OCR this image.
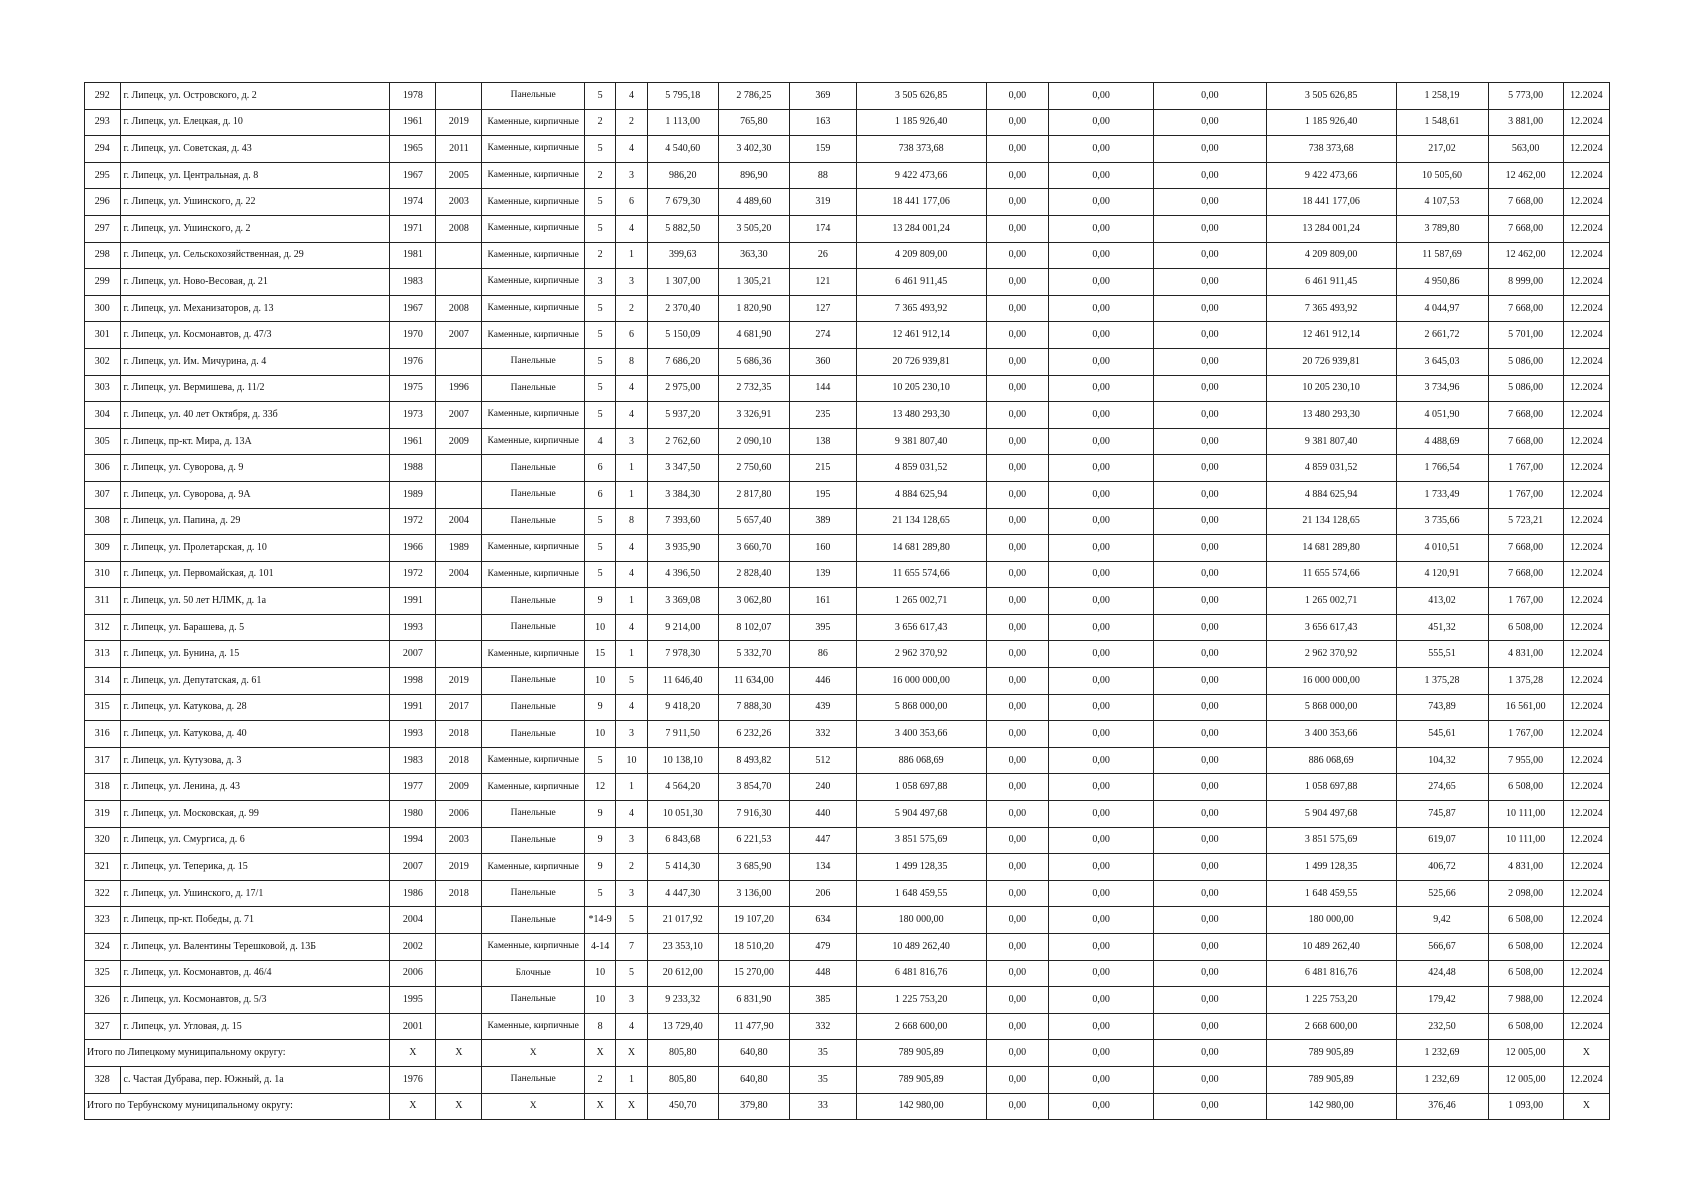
292	г. Липецк, ул. Островского, д. 2	1978		Панельные	5	4	5 795,18	2 786,25	369	3 505 626,85	0,00	0,00	0,00	3 505 626,85	1 258,19	5 773,00	12.2024
293	г. Липецк, ул. Елецкая, д. 10	1961	2019	Каменные, кирпичные	2	2	1 113,00	765,80	163	1 185 926,40	0,00	0,00	0,00	1 185 926,40	1 548,61	3 881,00	12.2024
294	г. Липецк, ул. Советская, д. 43	1965	2011	Каменные, кирпичные	5	4	4 540,60	3 402,30	159	738 373,68	0,00	0,00	0,00	738 373,68	217,02	563,00	12.2024
295	г. Липецк, ул. Центральная, д. 8	1967	2005	Каменные, кирпичные	2	3	986,20	896,90	88	9 422 473,66	0,00	0,00	0,00	9 422 473,66	10 505,60	12 462,00	12.2024
296	г. Липецк, ул. Ушинского, д. 22	1974	2003	Каменные, кирпичные	5	6	7 679,30	4 489,60	319	18 441 177,06	0,00	0,00	0,00	18 441 177,06	4 107,53	7 668,00	12.2024
297	г. Липецк, ул. Ушинского, д. 2	1971	2008	Каменные, кирпичные	5	4	5 882,50	3 505,20	174	13 284 001,24	0,00	0,00	0,00	13 284 001,24	3 789,80	7 668,00	12.2024
298	г. Липецк, ул. Сельскохозяйственная, д. 29	1981		Каменные, кирпичные	2	1	399,63	363,30	26	4 209 809,00	0,00	0,00	0,00	4 209 809,00	11 587,69	12 462,00	12.2024
299	г. Липецк, ул. Ново-Весовая, д. 21	1983		Каменные, кирпичные	3	3	1 307,00	1 305,21	121	6 461 911,45	0,00	0,00	0,00	6 461 911,45	4 950,86	8 999,00	12.2024
300	г. Липецк, ул. Механизаторов, д. 13	1967	2008	Каменные, кирпичные	5	2	2 370,40	1 820,90	127	7 365 493,92	0,00	0,00	0,00	7 365 493,92	4 044,97	7 668,00	12.2024
301	г. Липецк, ул. Космонавтов, д. 47/3	1970	2007	Каменные, кирпичные	5	6	5 150,09	4 681,90	274	12 461 912,14	0,00	0,00	0,00	12 461 912,14	2 661,72	5 701,00	12.2024
302	г. Липецк, ул. Им. Мичурина, д. 4	1976		Панельные	5	8	7 686,20	5 686,36	360	20 726 939,81	0,00	0,00	0,00	20 726 939,81	3 645,03	5 086,00	12.2024
303	г. Липецк, ул. Вермишева, д. 11/2	1975	1996	Панельные	5	4	2 975,00	2 732,35	144	10 205 230,10	0,00	0,00	0,00	10 205 230,10	3 734,96	5 086,00	12.2024
304	г. Липецк, ул. 40 лет Октября, д. 33б	1973	2007	Каменные, кирпичные	5	4	5 937,20	3 326,91	235	13 480 293,30	0,00	0,00	0,00	13 480 293,30	4 051,90	7 668,00	12.2024
305	г. Липецк, пр-кт. Мира, д. 13А	1961	2009	Каменные, кирпичные	4	3	2 762,60	2 090,10	138	9 381 807,40	0,00	0,00	0,00	9 381 807,40	4 488,69	7 668,00	12.2024
306	г. Липецк, ул. Суворова, д. 9	1988		Панельные	6	1	3 347,50	2 750,60	215	4 859 031,52	0,00	0,00	0,00	4 859 031,52	1 766,54	1 767,00	12.2024
307	г. Липецк, ул. Суворова, д. 9А	1989		Панельные	6	1	3 384,30	2 817,80	195	4 884 625,94	0,00	0,00	0,00	4 884 625,94	1 733,49	1 767,00	12.2024
308	г. Липецк, ул. Папина, д. 29	1972	2004	Панельные	5	8	7 393,60	5 657,40	389	21 134 128,65	0,00	0,00	0,00	21 134 128,65	3 735,66	5 723,21	12.2024
309	г. Липецк, ул. Пролетарская, д. 10	1966	1989	Каменные, кирпичные	5	4	3 935,90	3 660,70	160	14 681 289,80	0,00	0,00	0,00	14 681 289,80	4 010,51	7 668,00	12.2024
310	г. Липецк, ул. Первомайская, д. 101	1972	2004	Каменные, кирпичные	5	4	4 396,50	2 828,40	139	11 655 574,66	0,00	0,00	0,00	11 655 574,66	4 120,91	7 668,00	12.2024
311	г. Липецк, ул. 50 лет НЛМК, д. 1а	1991		Панельные	9	1	3 369,08	3 062,80	161	1 265 002,71	0,00	0,00	0,00	1 265 002,71	413,02	1 767,00	12.2024
312	г. Липецк, ул. Барашева, д. 5	1993		Панельные	10	4	9 214,00	8 102,07	395	3 656 617,43	0,00	0,00	0,00	3 656 617,43	451,32	6 508,00	12.2024
313	г. Липецк, ул. Бунина, д. 15	2007		Каменные, кирпичные	15	1	7 978,30	5 332,70	86	2 962 370,92	0,00	0,00	0,00	2 962 370,92	555,51	4 831,00	12.2024
314	г. Липецк, ул. Депутатская, д. 61	1998	2019	Панельные	10	5	11 646,40	11 634,00	446	16 000 000,00	0,00	0,00	0,00	16 000 000,00	1 375,28	1 375,28	12.2024
315	г. Липецк, ул. Катукова, д. 28	1991	2017	Панельные	9	4	9 418,20	7 888,30	439	5 868 000,00	0,00	0,00	0,00	5 868 000,00	743,89	16 561,00	12.2024
316	г. Липецк, ул. Катукова, д. 40	1993	2018	Панельные	10	3	7 911,50	6 232,26	332	3 400 353,66	0,00	0,00	0,00	3 400 353,66	545,61	1 767,00	12.2024
317	г. Липецк, ул. Кутузова, д. 3	1983	2018	Каменные, кирпичные	5	10	10 138,10	8 493,82	512	886 068,69	0,00	0,00	0,00	886 068,69	104,32	7 955,00	12.2024
318	г. Липецк, ул. Ленина, д. 43	1977	2009	Каменные, кирпичные	12	1	4 564,20	3 854,70	240	1 058 697,88	0,00	0,00	0,00	1 058 697,88	274,65	6 508,00	12.2024
319	г. Липецк, ул. Московская, д. 99	1980	2006	Панельные	9	4	10 051,30	7 916,30	440	5 904 497,68	0,00	0,00	0,00	5 904 497,68	745,87	10 111,00	12.2024
320	г. Липецк, ул. Смургиса, д. 6	1994	2003	Панельные	9	3	6 843,68	6 221,53	447	3 851 575,69	0,00	0,00	0,00	3 851 575,69	619,07	10 111,00	12.2024
321	г. Липецк, ул. Теперика, д. 15	2007	2019	Каменные, кирпичные	9	2	5 414,30	3 685,90	134	1 499 128,35	0,00	0,00	0,00	1 499 128,35	406,72	4 831,00	12.2024
322	г. Липецк, ул. Ушинского, д. 17/1	1986	2018	Панельные	5	3	4 447,30	3 136,00	206	1 648 459,55	0,00	0,00	0,00	1 648 459,55	525,66	2 098,00	12.2024
323	г. Липецк, пр-кт. Победы, д. 71	2004		Панельные	*14-9	5	21 017,92	19 107,20	634	180 000,00	0,00	0,00	0,00	180 000,00	9,42	6 508,00	12.2024
324	г. Липецк, ул. Валентины Терешковой, д. 13Б	2002		Каменные, кирпичные	4-14	7	23 353,10	18 510,20	479	10 489 262,40	0,00	0,00	0,00	10 489 262,40	566,67	6 508,00	12.2024
325	г. Липецк, ул. Космонавтов, д. 46/4	2006		Блочные	10	5	20 612,00	15 270,00	448	6 481 816,76	0,00	0,00	0,00	6 481 816,76	424,48	6 508,00	12.2024
326	г. Липецк, ул. Космонавтов, д. 5/3	1995		Панельные	10	3	9 233,32	6 831,90	385	1 225 753,20	0,00	0,00	0,00	1 225 753,20	179,42	7 988,00	12.2024
327	г. Липецк, ул. Угловая, д. 15	2001		Каменные, кирпичные	8	4	13 729,40	11 477,90	332	2 668 600,00	0,00	0,00	0,00	2 668 600,00	232,50	6 508,00	12.2024
Итого по Липецкому муниципальному округу:		X	X	X	X	X	805,80	640,80	35	789 905,89	0,00	0,00	0,00	789 905,89	1 232,69	12 005,00	X
328	с. Частая Дубрава, пер. Южный, д. 1а	1976		Панельные	2	1	805,80	640,80	35	789 905,89	0,00	0,00	0,00	789 905,89	1 232,69	12 005,00	12.2024
Итого по Тербунскому муниципальному округу:		X	X	X	X	X	450,70	379,80	33	142 980,00	0,00	0,00	0,00	142 980,00	376,46	1 093,00	X
